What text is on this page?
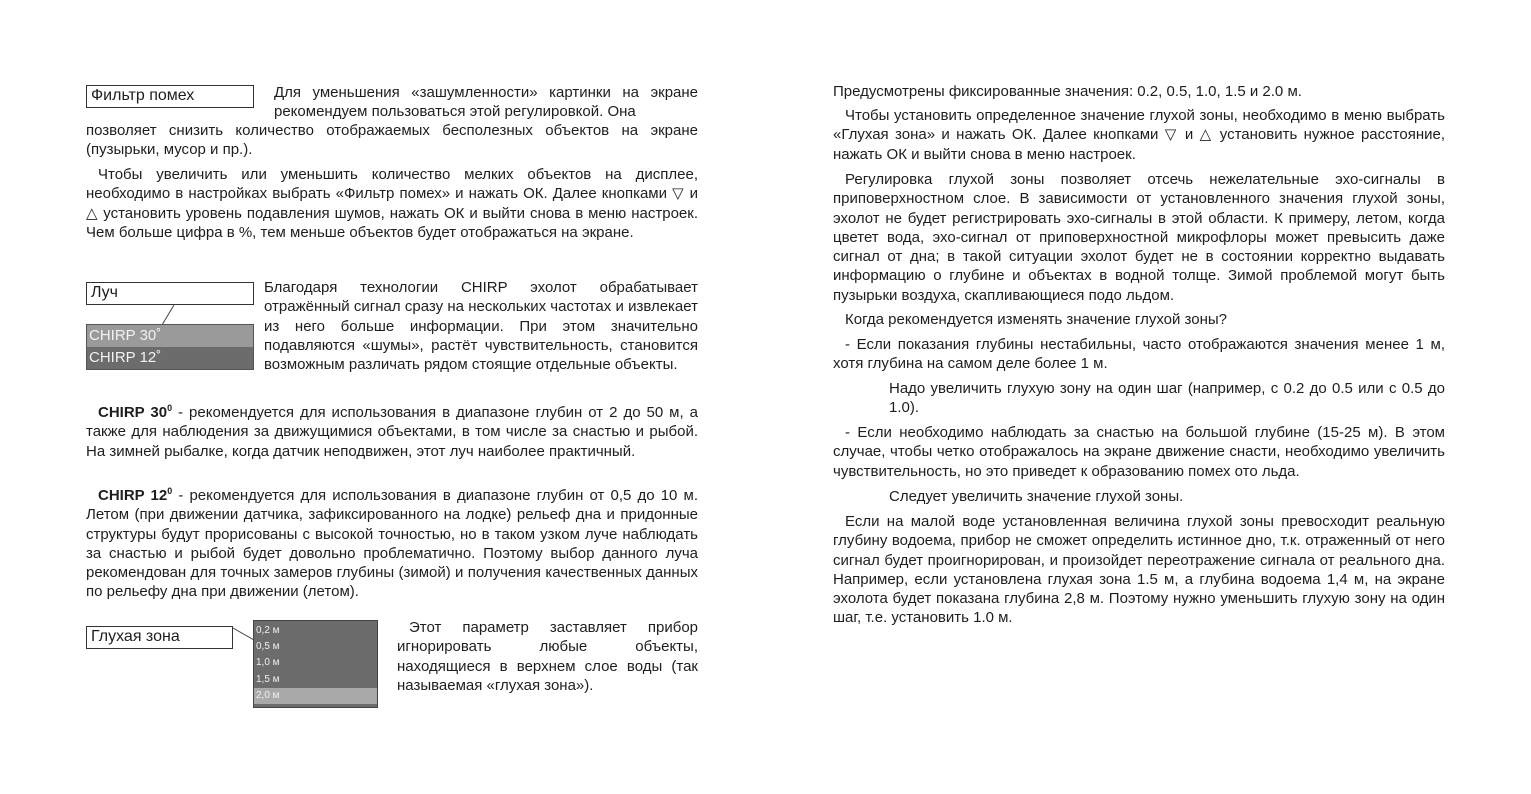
Фильтр помех	Для уменьшения «зашумленности» картинки на экране рекомендуем пользоваться этой регулировкой. Она

позволяет снизить количество отображаемых бесполезных объектов на экране (пузырьки, мусор и пр.).

Чтобы увеличить или уменьшить количество мелких объектов на дисплее, необходимо в настройках выбрать «Фильтр помех» и нажать ОК. Далее кнопками ▽ и △ установить уровень подавления шумов, нажать ОК и выйти снова в меню настроек. Чем больше цифра в %, тем меньше объектов будет отображаться на экране.

Луч
CHIRP 30˚
CHIRP 12˚

Благодаря технологии CHIRP эхолот обрабатывает отражённый сигнал сразу на нескольких частотах и извлекает из него больше информации. При этом значительно подавляются «шумы», растёт чувствительность, становится возможным различать рядом стоящие отдельные объекты.

CHIRP $30^0$ - рекомендуется для использования в диапазоне глубин от 2 до 50 м, а также для наблюдения за движущимися объектами, в том числе за снастью и рыбой. На зимней рыбалке, когда датчик неподвижен, этот луч наиболее практичный.

CHIRP $12^0$ - рекомендуется для использования в диапазоне глубин от 0,5 до 10 м. Летом (при движении датчика, зафиксированного на лодке) рельеф дна и придонные структуры будут прорисованы с высокой точностью, но в таком узком луче наблюдать за снастью и рыбой будет довольно проблематично. Поэтому выбор данного луча рекомендован для точных замеров глубины (зимой) и получения качественных данных по рельефу дна при движении (летом).

Глухая зона	0,2 м
0,5 м
1,0 м
1,5 м
2,0 м

Этот параметр заставляет прибор игнорировать любые объекты, находящиеся в верхнем слое воды (так называемая «глухая зона»).

Предусмотрены фиксированные значения: 0.2, 0.5, 1.0, 1.5 и 2.0 м.

Чтобы установить определенное значение глухой зоны, необходимо в меню выбрать «Глухая зона» и нажать ОК. Далее кнопками ▽ и △ установить нужное расстояние, нажать ОК и выйти снова в меню настроек.

Регулировка глухой зоны позволяет отсечь нежелательные эхо-сигналы в приповерхностном слое. В зависимости от установленного значения глухой зоны, эхолот не будет регистрировать эхо-сигналы в этой области. К примеру, летом, когда цветет вода, эхо-сигнал от приповерхностной микрофлоры может превысить даже сигнал от дна; в такой ситуации эхолот будет не в состоянии корректно выдавать информацию о глубине и объектах в водной толще. Зимой проблемой могут быть пузырьки воздуха, скапливающиеся подо льдом.

Когда рекомендуется изменять значение глухой зоны?

- Если показания глубины нестабильны, часто отображаются значения менее 1 м, хотя глубина на самом деле более 1 м.

Надо увеличить глухую зону на один шаг (например, с 0.2 до 0.5 или с 0.5 до 1.0).

- Если необходимо наблюдать за снастью на большой глубине (15-25 м). В этом случае, чтобы четко отображалось на экране движение снасти, необходимо увеличить чувствительность, но это приведет к образованию помех ото льда.

Следует увеличить значение глухой зоны.

Если на малой воде установленная величина глухой зоны превосходит реальную глубину водоема, прибор не сможет определить истинное дно, т.к. отраженный от него сигнал будет проигнорирован, и произойдет переотражение сигнала от реального дна. Например, если установлена глухая зона 1.5 м, а глубина водоема 1,4 м, на экране эхолота будет показана глубина 2,8 м. Поэтому нужно уменьшить глухую зону на один шаг, т.е. установить 1.0 м.
